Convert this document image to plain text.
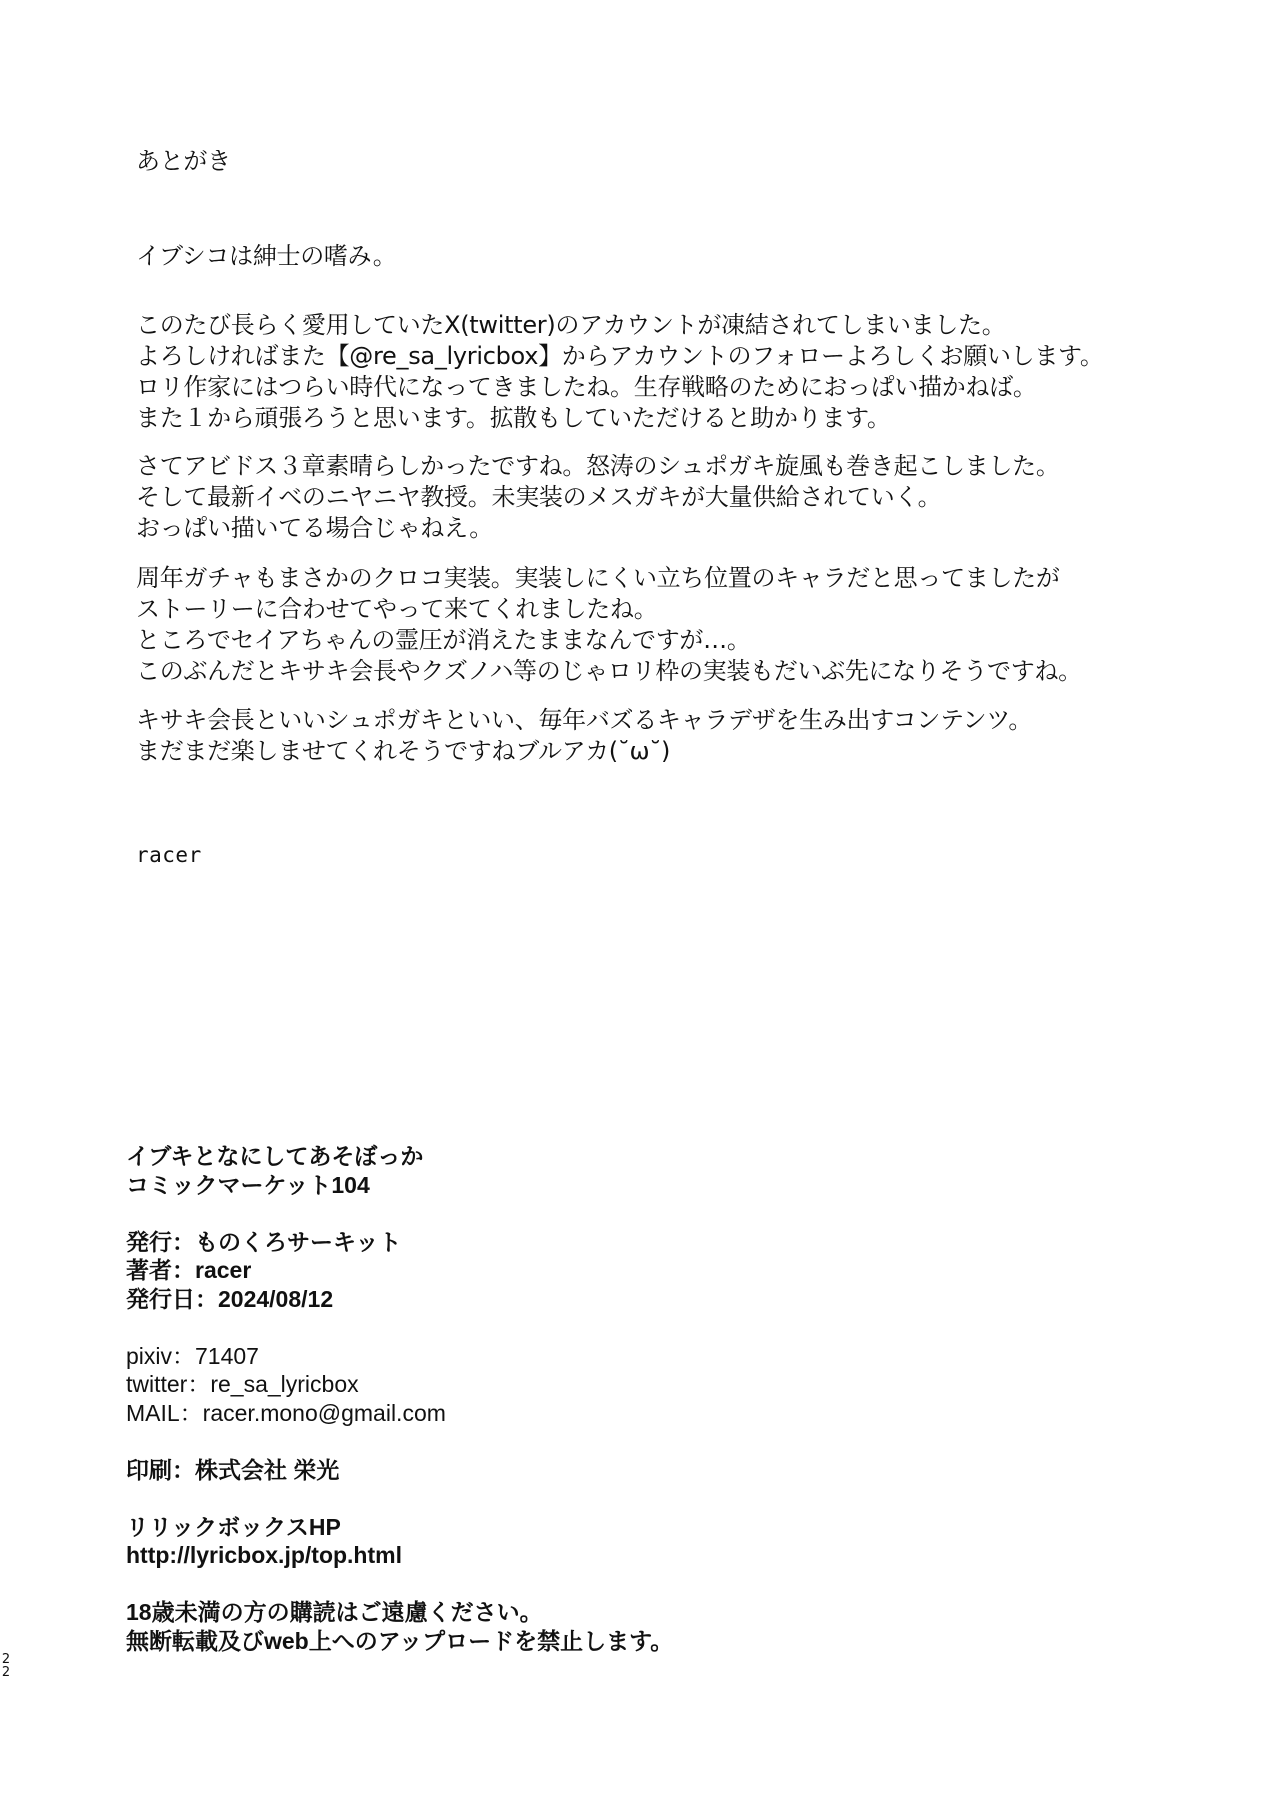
あとがき

イブシコは紳士の嗜み。

このたび長らく愛用していたX(twitter)のアカウントが凍結されてしまいました。
よろしければまた【@re_sa_lyricbox】からアカウントのフォローよろしくお願いします。
ロリ作家にはつらい時代になってきましたね。生存戦略のためにおっぱい描かねば。
また１から頑張ろうと思います。拡散もしていただけると助かります。
さてアビドス３章素晴らしかったですね。怒涛のシュポガキ旋風も巻き起こしました。
そして最新イベのニヤニヤ教授。未実装のメスガキが大量供給されていく。
おっぱい描いてる場合じゃねえ。
周年ガチャもまさかのクロコ実装。実装しにくい立ち位置のキャラだと思ってましたが
ストーリーに合わせてやって来てくれましたね。
ところでセイアちゃんの霊圧が消えたままなんですが…。
このぶんだとキサキ会長やクズノハ等のじゃロリ枠の実装もだいぶ先になりそうですね。
キサキ会長といいシュポガキといい、毎年バズるキャラデザを生み出すコンテンツ。
まだまだ楽しませてくれそうですねブルアカ(˘ω˘)
racer
イブキとなにしてあそぼっか
コミックマーケット104
発行：ものくろサーキット
著者：racer
発行日：2024/08/12
pixiv：71407
twitter：re_sa_lyricbox
MAIL：racer.mono@gmail.com
印刷：株式会社 栄光
リリックボックスHP
http://lyricbox.jp/top.html
18歳未満の方の購読はご遠慮ください。
無断転載及びweb上へのアップロードを禁止します。
2
2
